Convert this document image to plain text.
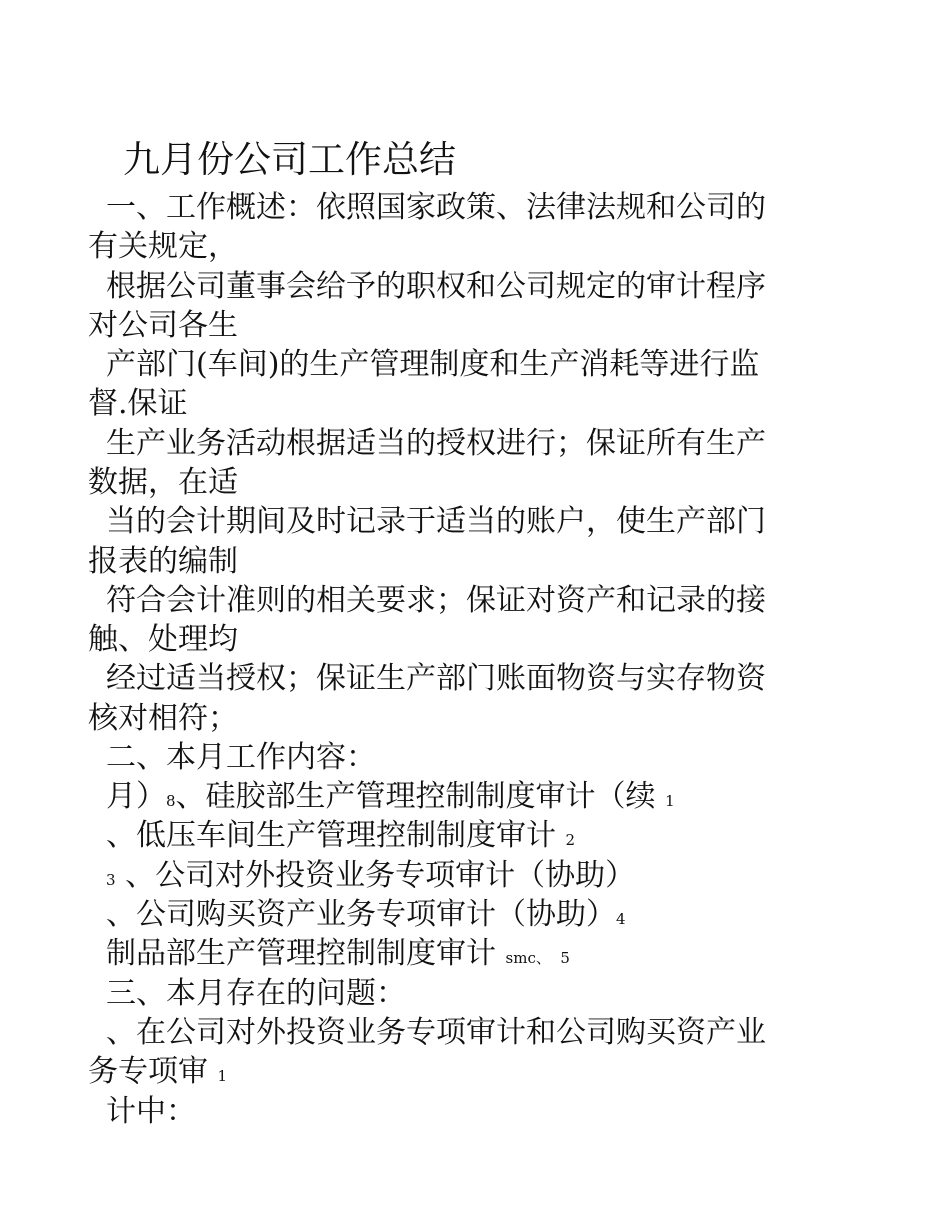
九月份公司工作总结
一、工作概述：依照国家政策、法律法规和公司的
有关规定，
根据公司董事会给予的职权和公司规定的审计程序
对公司各生
产部门(车间)的生产管理制度和生产消耗等进行监
督.保证
生产业务活动根据适当的授权进行；保证所有生产
数据，在适
当的会计期间及时记录于适当的账户，使生产部门
报表的编制
符合会计准则的相关要求；保证对资产和记录的接
触、处理均
经过适当授权；保证生产部门账面物资与实存物资
核对相符；
二、本月工作内容：
月）8、硅胶部生产管理控制制度审计（续 1
、低压车间生产管理控制制度审计 2
3 、公司对外投资业务专项审计（协助）
、公司购买资产业务专项审计（协助）4
制品部生产管理控制制度审计 smc、 5
三、本月存在的问题：
、在公司对外投资业务专项审计和公司购买资产业
务专项审 1
计中：
